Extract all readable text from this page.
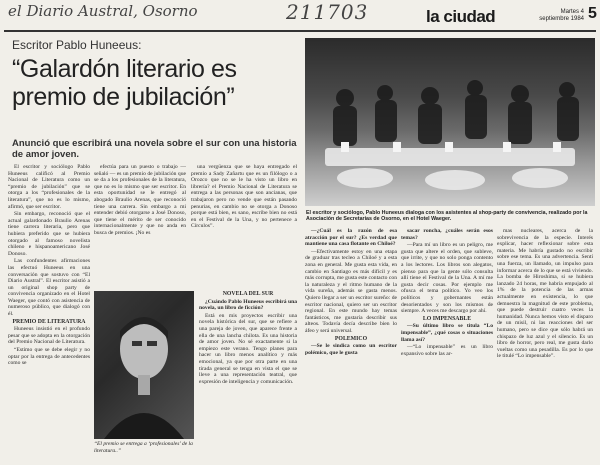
el Diario Austral, Osorno	211703	la ciudad	Martes 4
septiembre 1984 5
Escritor Pablo Huneeus:
“Galardón literario es premio de jubilación”
Anunció que escribirá una novela sobre el sur con una historia de amor joven.
El escritor y sociólogo, Pablo Huneeus dialoga con los asistentes al shop-party de convivencia, realizado por la Asociación de Secretarias de Osorno, en el Hotel Waeger.

El escritor y sociólogo Pablo Huneeus calificó al Premio Nacional de Literatura como un “premio de jubilación” que se otorga a los “profesionales de la literatura”, que no es lo mismo, afirmó, que ser escritor.

Sin embargo, reconoció que el actual galardonado Braulio Arenas tiene carrera literaria, pero que hubiera preferido que se hubiera otorgado al famoso novelista chileno e hispanoamericano José Donoso.

Las confundentes afirmaciones las efectuó Huneeus en una conversación que sostuvo con “El Diario Austral”. El escritor asistió a un original shop party de convivencia organizado en el Hotel Waeger, que contó con asistencia de numeroso público, que dialogó con él.

PREMIO DE LITERATURA

Huneeus insistió en el profundo pesar que se adopta en la otorgación del Premio Nacional de Literatura.

“Estimo que se debe elegir y no optar por la entrega de antecedentes como se

efectúa para un puesto o trabajo — señaló — es un premio de jubilación que se da a los profesionales de la literatura, que no es lo mismo que ser escritor. En esta oportunidad se le entregó al abogado Braulio Arenas, que reconoció tiene una carrera. Sin embargo a mi entender debió otorgarse a José Donoso, que tiene el mérito de ser conocido internacionalmente y que no anda en busca de premios. ¡No es

una vergüenza que se haya entregado el premio a Sady Zañartu que es un filólogo o a Orozco que no se le ha visto un libro en librería? el Premio Nacional de Literatura se entrega a las personas que son ancianas, que trabajaron pero no vende que están pasando penurias, en cambio no se otorga a Donoso porque está bien, es sano, escribe bien no está en el Festival de la Una, y no pertenece a Círculos”.

“El premio se entrega a ‘profesionales’ de la literatura..”

NOVELA DEL SUR

¿Cuándo Pablo Huneeus escribirá una novela, un libro de ficción?

Está en mis proyectos escribir una novela histórica del sur, que se refiere a una pareja de joven, que aparece frente a ella de una lancha chilota. Es una historia de amor joven. No sé exactamente si la empiezo este verano. Tengo planes para hacer un libro menos analítico y más emocional, ya que por otra parte en una tirada general se tenga en vista el que se lleve a una representación teatral, que expresión de inteligencia y comunicación.

—¿Cuál es la razón de esa atracción por el sur? ¿Es verdad que mantiene una casa flotante en Chiloé?

—Efectivamente estoy en una etapa de graduar tras tecleo a Chiloé y a esta zona en general. Me gusta esta vida, en cambio en Santiago es más difícil y es más corrupta, me gusta este contacto con la naturaleza y el ritmo humano de la vida sureña, además se gasta menos. Quiero llegar a ser un escritor sureño: de escritor nacional, quiero ser un escritor regional. En este mundo hay temas fantásticos, me gustaría describir sus alteos. Todavía decía describe bien lo áfeo y será universal.

POLEMICO

—Se le sindica como un escritor polémico, que le gusta

sacar roncha, ¿cuáles serán esos temas?

—Para mí un libro es un peligro, me gusta que altere el orden, que subleve, que irrite, y que no solo ponga contento a los lectores. Los libros son alegatos, pienso para que la gente sólo consulta allí tiene el Festival de la Una. A mí me gusta decir cosas. Por ejemplo me ofusca el tema político. Yo veo los políticos y gobernantes están desorientados y son los mismos de siempre. A veces me descargo por ahí.

LO IMPENSABLE

—Su último libro se titula “Lo impensable”, ¿qué cosas o situaciones llama así?

—“Lo impensable” es un libro expansivo sobre las ar-

mas nucleares, acerca de la sobrevivencia de la especie. Interés explicar, hacer reflexionar sobre esta materia. Me habría gustado no escribir sobre ese tema. Es una advertencia. Sentí una fuerza, un llamado, un impulso para informar acerca de lo que se está viviendo. La bomba de Hiroshima, si se hubiera lanzado 24 horas, me habría empujado al 1% de la potencia de las armas actualmente en existencia, lo que demuestra la magnitud de este problema, que puede destruir cuatro veces la humanidad. Nunca hemos visto el disparo de un misil, ni las reacciones del ser humano, pero se dice que sólo habrá un chispazo de luz azul y el silencio. Es un libro de horror, pero real, me gusta darlo vueltas como una pesadilla. Es por lo que le titulé “Lo impensable”.
